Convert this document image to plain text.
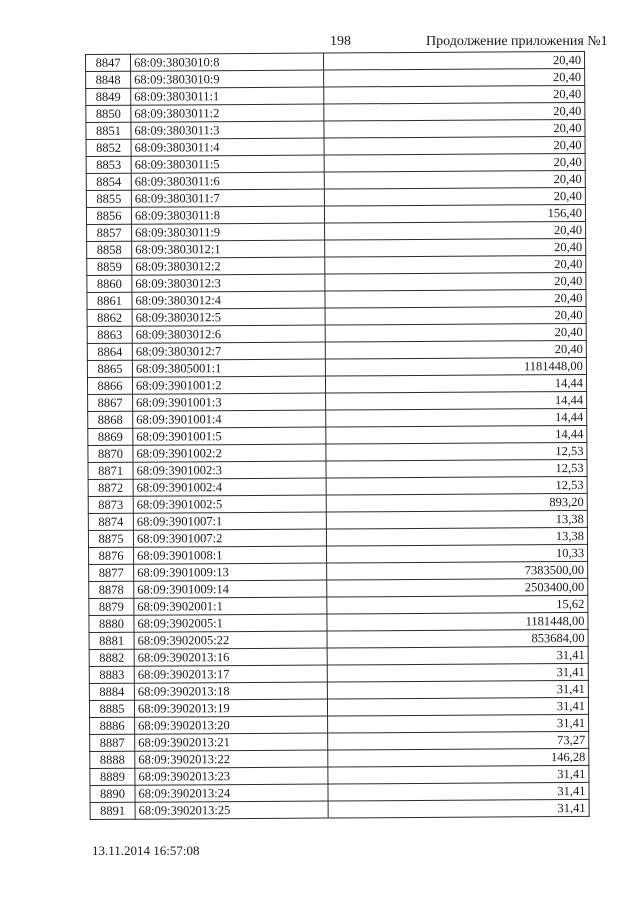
198	Продолжение приложения №1
8847	68:09:3803010:8	20,40
8848	68:09:3803010:9	20,40
8849	68:09:3803011:1	20,40
8850	68:09:3803011:2	20,40
8851	68:09:3803011:3	20,40
8852	68:09:3803011:4	20,40
8853	68:09:3803011:5	20,40
8854	68:09:3803011:6	20,40
8855	68:09:3803011:7	20,40
8856	68:09:3803011:8	156,40
8857	68:09:3803011:9	20,40
8858	68:09:3803012:1	20,40
8859	68:09:3803012:2	20,40
8860	68:09:3803012:3	20,40
8861	68:09:3803012:4	20,40
8862	68:09:3803012:5	20,40
8863	68:09:3803012:6	20,40
8864	68:09:3803012:7	20,40
8865	68:09:3805001:1	1181448,00
8866	68:09:3901001:2	14,44
8867	68:09:3901001:3	14,44
8868	68:09:3901001:4	14,44
8869	68:09:3901001:5	14,44
8870	68:09:3901002:2	12,53
8871	68:09:3901002:3	12,53
8872	68:09:3901002:4	12,53
8873	68:09:3901002:5	893,20
8874	68:09:3901007:1	13,38
8875	68:09:3901007:2	13,38
8876	68:09:3901008:1	10,33
8877	68:09:3901009:13	7383500,00
8878	68:09:3901009:14	2503400,00
8879	68:09:3902001:1	15,62
8880	68:09:3902005:1	1181448,00
8881	68:09:3902005:22	853684,00
8882	68:09:3902013:16	31,41
8883	68:09:3902013:17	31,41
8884	68:09:3902013:18	31,41
8885	68:09:3902013:19	31,41
8886	68:09:3902013:20	31,41
8887	68:09:3902013:21	73,27
8888	68:09:3902013:22	146,28
8889	68:09:3902013:23	31,41
8890	68:09:3902013:24	31,41
8891	68:09:3902013:25	31,41
13.11.2014 16:57:08
